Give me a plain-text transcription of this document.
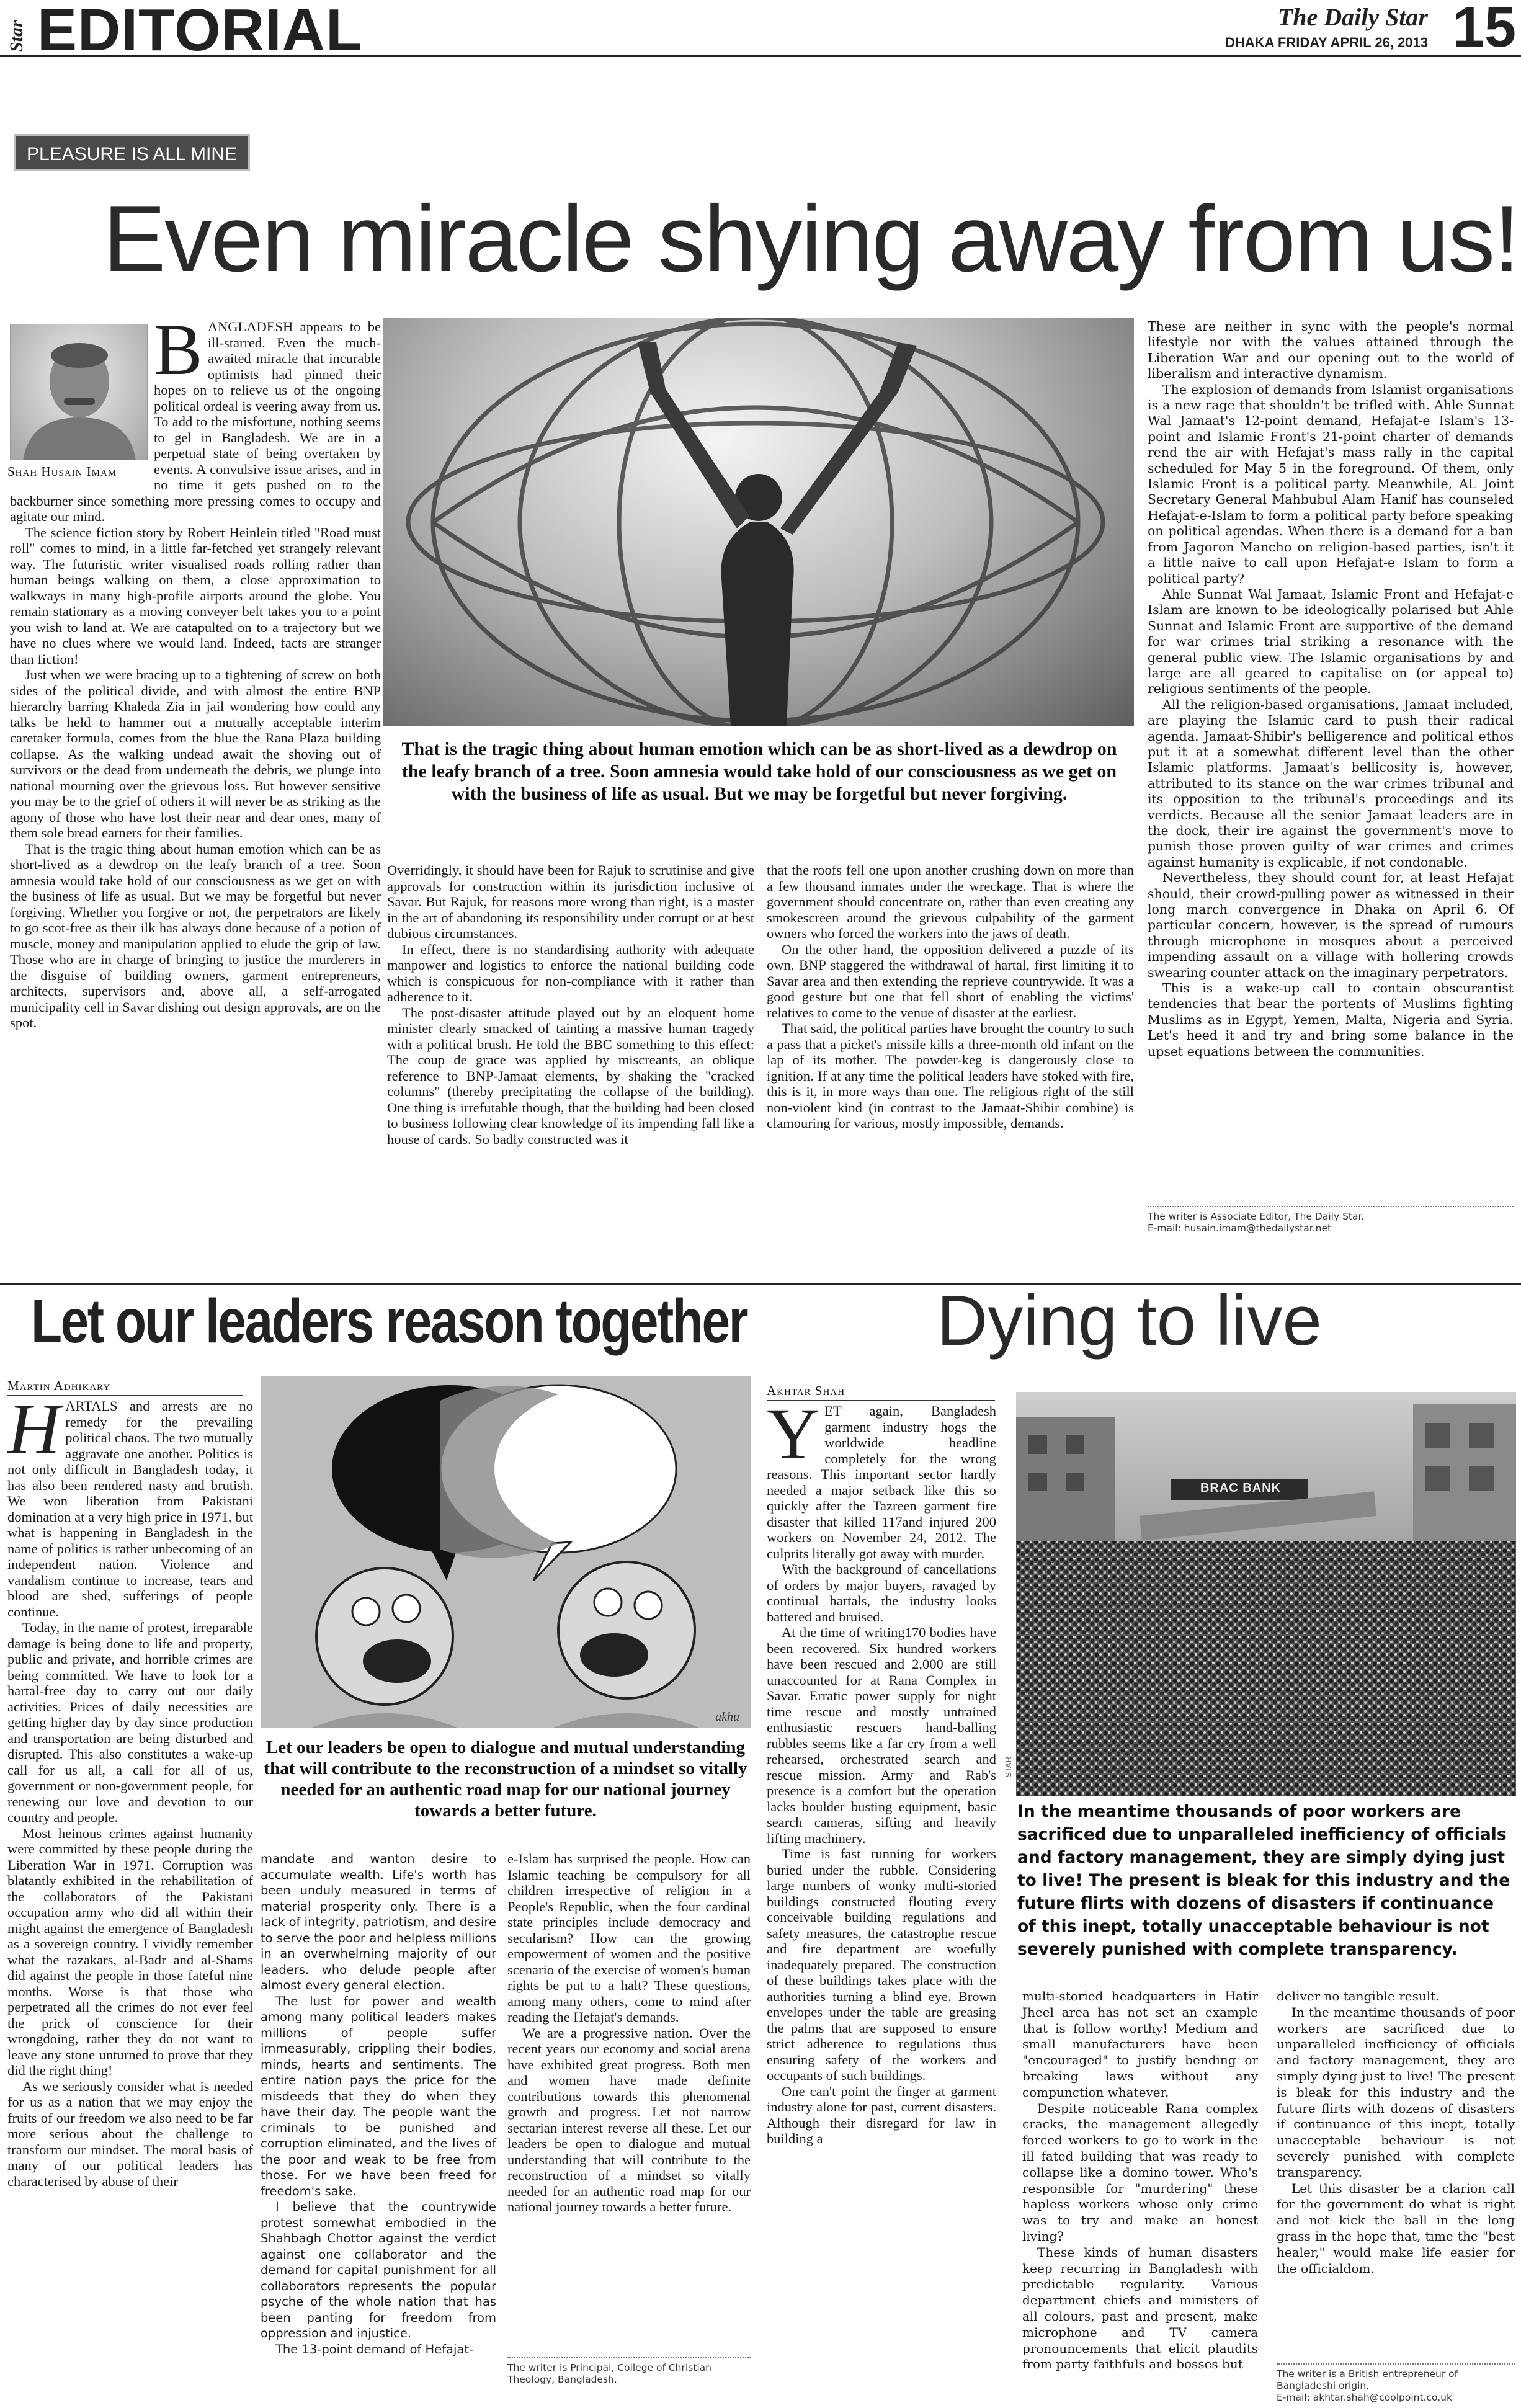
Star EDITORIAL	The Daily Star
DHAKA FRIDAY APRIL 26, 2013 15
PLEASURE IS ALL MINE
Even miracle shying away from us!
Shah Husain Imam

BANGLADESH appears to be ill-starred. Even the much-awaited miracle that incurable optimists had pinned their hopes on to relieve us of the ongoing political ordeal is veering away from us. To add to the misfortune, nothing seems to gel in Bangladesh. We are in a perpetual state of being overtaken by events. A convulsive issue arises, and in no time it gets pushed on to the backburner since something more pressing comes to occupy and agitate our mind.

The science fiction story by Robert Heinlein titled "Road must roll" comes to mind, in a little far-fetched yet strangely relevant way. The futuristic writer visualised roads rolling rather than human beings walking on them, a close approximation to walkways in many high-profile airports around the globe. You remain stationary as a moving conveyer belt takes you to a point you wish to land at. We are catapulted on to a trajectory but we have no clues where we would land. Indeed, facts are stranger than fiction!

Just when we were bracing up to a tightening of screw on both sides of the political divide, and with almost the entire BNP hierarchy barring Khaleda Zia in jail wondering how could any talks be held to hammer out a mutually acceptable interim caretaker formula, comes from the blue the Rana Plaza building collapse. As the walking undead await the shoving out of survivors or the dead from underneath the debris, we plunge into national mourning over the grievous loss. But however sensitive you may be to the grief of others it will never be as striking as the agony of those who have lost their near and dear ones, many of them sole bread earners for their families.

That is the tragic thing about human emotion which can be as short-lived as a dewdrop on the leafy branch of a tree. Soon amnesia would take hold of our consciousness as we get on with the business of life as usual. But we may be forgetful but never forgiving. Whether you forgive or not, the perpetrators are likely to go scot-free as their ilk has always done because of a potion of muscle, money and manipulation applied to elude the grip of law. Those who are in charge of bringing to justice the murderers in the disguise of building owners, garment entrepreneurs, architects, supervisors and, above all, a self-arrogated municipality cell in Savar dishing out design approvals, are on the spot.

That is the tragic thing about human emotion which can be as short-lived as a dewdrop on the leafy branch of a tree. Soon amnesia would take hold of our consciousness as we get on with the business of life as usual. But we may be forgetful but never forgiving.

Overridingly, it should have been for Rajuk to scrutinise and give approvals for construction within its jurisdiction inclusive of Savar. But Rajuk, for reasons more wrong than right, is a master in the art of abandoning its responsibility under corrupt or at best dubious circumstances.

In effect, there is no standardising authority with adequate manpower and logistics to enforce the national building code which is conspicuous for non-compliance with it rather than adherence to it.

The post-disaster attitude played out by an eloquent home minister clearly smacked of tainting a massive human tragedy with a political brush. He told the BBC something to this effect: The coup de grace was applied by miscreants, an oblique reference to BNP-Jamaat elements, by shaking the "cracked columns" (thereby precipitating the collapse of the building). One thing is irrefutable though, that the building had been closed to business following clear knowledge of its impending fall like a house of cards. So badly constructed was it

that the roofs fell one upon another crushing down on more than a few thousand inmates under the wreckage. That is where the government should concentrate on, rather than even creating any smokescreen around the grievous culpability of the garment owners who forced the workers into the jaws of death.

On the other hand, the opposition delivered a puzzle of its own. BNP staggered the withdrawal of hartal, first limiting it to Savar area and then extending the reprieve countrywide. It was a good gesture but one that fell short of enabling the victims' relatives to come to the venue of disaster at the earliest.

That said, the political parties have brought the country to such a pass that a picket's missile kills a three-month old infant on the lap of its mother. The powder-keg is dangerously close to ignition. If at any time the political leaders have stoked with fire, this is it, in more ways than one. The religious right of the still non-violent kind (in contrast to the Jamaat-Shibir combine) is clamouring for various, mostly impossible, demands.

These are neither in sync with the people's normal lifestyle nor with the values attained through the Liberation War and our opening out to the world of liberalism and interactive dynamism.

The explosion of demands from Islamist organisations is a new rage that shouldn't be trifled with. Ahle Sunnat Wal Jamaat's 12-point demand, Hefajat-e Islam's 13-point and Islamic Front's 21-point charter of demands rend the air with Hefajat's mass rally in the capital scheduled for May 5 in the foreground. Of them, only Islamic Front is a political party. Meanwhile, AL Joint Secretary General Mahbubul Alam Hanif has counseled Hefajat-e-Islam to form a political party before speaking on political agendas. When there is a demand for a ban from Jagoron Mancho on religion-based parties, isn't it a little naive to call upon Hefajat-e Islam to form a political party?

Ahle Sunnat Wal Jamaat, Islamic Front and Hefajat-e Islam are known to be ideologically polarised but Ahle Sunnat and Islamic Front are supportive of the demand for war crimes trial striking a resonance with the general public view. The Islamic organisations by and large are all geared to capitalise on (or appeal to) religious sentiments of the people.

All the religion-based organisations, Jamaat included, are playing the Islamic card to push their radical agenda. Jamaat-Shibir's belligerence and political ethos put it at a somewhat different level than the other Islamic platforms. Jamaat's bellicosity is, however, attributed to its stance on the war crimes tribunal and its opposition to the tribunal's proceedings and its verdicts. Because all the senior Jamaat leaders are in the dock, their ire against the government's move to punish those proven guilty of war crimes and crimes against humanity is explicable, if not condonable.

Nevertheless, they should count for, at least Hefajat should, their crowd-pulling power as witnessed in their long march convergence in Dhaka on April 6. Of particular concern, however, is the spread of rumours through microphone in mosques about a perceived impending assault on a village with hollering crowds swearing counter attack on the imaginary perpetrators.

This is a wake-up call to contain obscurantist tendencies that bear the portents of Muslims fighting Muslims as in Egypt, Yemen, Malta, Nigeria and Syria. Let's heed it and try and bring some balance in the upset equations between the communities.

The writer is Associate Editor, The Daily Star.
E-mail: husain.imam@thedailystar.net
Let our leaders reason together
Martin Adhikary

HARTALS and arrests are no remedy for the prevailing political chaos. The two mutually aggravate one another. Politics is not only difficult in Bangladesh today, it has also been rendered nasty and brutish. We won liberation from Pakistani domination at a very high price in 1971, but what is happening in Bangladesh in the name of politics is rather unbecoming of an independent nation. Violence and vandalism continue to increase, tears and blood are shed, sufferings of people continue.

Today, in the name of protest, irreparable damage is being done to life and property, public and private, and horrible crimes are being committed. We have to look for a hartal-free day to carry out our daily activities. Prices of daily necessities are getting higher day by day since production and transportation are being disturbed and disrupted. This also constitutes a wake-up call for us all, a call for all of us, government or non-government people, for renewing our love and devotion to our country and people.

Most heinous crimes against humanity were committed by these people during the Liberation War in 1971. Corruption was blatantly exhibited in the rehabilitation of the collaborators of the Pakistani occupation army who did all within their might against the emergence of Bangladesh as a sovereign country. I vividly remember what the razakars, al-Badr and al-Shams did against the people in those fateful nine months. Worse is that those who perpetrated all the crimes do not ever feel the prick of conscience for their wrongdoing, rather they do not want to leave any stone unturned to prove that they did the right thing!

As we seriously consider what is needed for us as a nation that we may enjoy the fruits of our freedom we also need to be far more serious about the challenge to transform our mindset. The moral basis of many of our political leaders has characterised by abuse of their

akhu
Let our leaders be open to dialogue and mutual understanding that will contribute to the reconstruction of a mindset so vitally needed for an authentic road map for our national journey towards a better future.

mandate and wanton desire to accumulate wealth. Life's worth has been unduly measured in terms of material prosperity only. There is a lack of integrity, patriotism, and desire to serve the poor and helpless millions in an overwhelming majority of our leaders. who delude people after almost every general election.

The lust for power and wealth among many political leaders makes millions of people suffer immeasurably, crippling their bodies, minds, hearts and sentiments. The entire nation pays the price for the misdeeds that they do when they have their day. The people want the criminals to be punished and corruption eliminated, and the lives of the poor and weak to be free from those. For we have been freed for freedom's sake.

I believe that the countrywide protest somewhat embodied in the Shahbagh Chottor against the verdict against one collaborator and the demand for capital punishment for all collaborators represents the popular psyche of the whole nation that has been panting for freedom from oppression and injustice.

The 13-point demand of Hefajat-

e-Islam has surprised the people. How can Islamic teaching be compulsory for all children irrespective of religion in a People's Republic, when the four cardinal state principles include democracy and secularism? How can the growing empowerment of women and the positive scenario of the exercise of women's human rights be put to a halt? These questions, among many others, come to mind after reading the Hefajat's demands.

We are a progressive nation. Over the recent years our economy and social arena have exhibited great progress. Both men and women have made definite contributions towards this phenomenal growth and progress. Let not narrow sectarian interest reverse all these. Let our leaders be open to dialogue and mutual understanding that will contribute to the reconstruction of a mindset so vitally needed for an authentic road map for our national journey towards a better future.

The writer is Principal, College of Christian
Theology, Bangladesh.
Dying to live
Akhtar Shah

YET again, Bangladesh garment industry hogs the worldwide headline completely for the wrong reasons. This important sector hardly needed a major setback like this so quickly after the Tazreen garment fire disaster that killed 117and injured 200 workers on November 24, 2012. The culprits literally got away with murder.

With the background of cancellations of orders by major buyers, ravaged by continual hartals, the industry looks battered and bruised.

At the time of writing170 bodies have been recovered. Six hundred workers have been rescued and 2,000 are still unaccounted for at Rana Complex in Savar. Erratic power supply for night time rescue and mostly untrained enthusiastic rescuers hand-balling rubbles seems like a far cry from a well rehearsed, orchestrated search and rescue mission. Army and Rab's presence is a comfort but the operation lacks boulder busting equipment, basic search cameras, sifting and heavily lifting machinery.

Time is fast running for workers buried under the rubble. Considering large numbers of wonky multi-storied buildings constructed flouting every conceivable building regulations and safety measures, the catastrophe rescue and fire department are woefully inadequately prepared. The construction of these buildings takes place with the authorities turning a blind eye. Brown envelopes under the table are greasing the palms that are supposed to ensure strict adherence to regulations thus ensuring safety of the workers and occupants of such buildings.

One can't point the finger at garment industry alone for past, current disasters. Although their disregard for law in building a

BRAC BANK
STAR
In the meantime thousands of poor workers are sacrificed due to unparalleled inefficiency of officials and factory management, they are simply dying just to live! The present is bleak for this industry and the future flirts with dozens of disasters if continuance of this inept, totally unacceptable behaviour is not severely punished with complete transparency.

multi-storied headquarters in Hatir Jheel area has not set an example that is follow worthy! Medium and small manufacturers have been "encouraged" to justify bending or breaking laws without any compunction whatever.

Despite noticeable Rana complex cracks, the management allegedly forced workers to go to work in the ill fated building that was ready to collapse like a domino tower. Who's responsible for "murdering" these hapless workers whose only crime was to try and make an honest living?

These kinds of human disasters keep recurring in Bangladesh with predictable regularity. Various department chiefs and ministers of all colours, past and present, make microphone and TV camera pronouncements that elicit plaudits from party faithfuls and bosses but

deliver no tangible result.

In the meantime thousands of poor workers are sacrificed due to unparalleled inefficiency of officials and factory management, they are simply dying just to live! The present is bleak for this industry and the future flirts with dozens of disasters if continuance of this inept, totally unacceptable behaviour is not severely punished with complete transparency.

Let this disaster be a clarion call for the government do what is right and not kick the ball in the long grass in the hope that, time the "best healer," would make life easier for the officialdom.

The writer is a British entrepreneur of
Bangladeshi origin.
E-mail: akhtar.shah@coolpoint.co.uk
